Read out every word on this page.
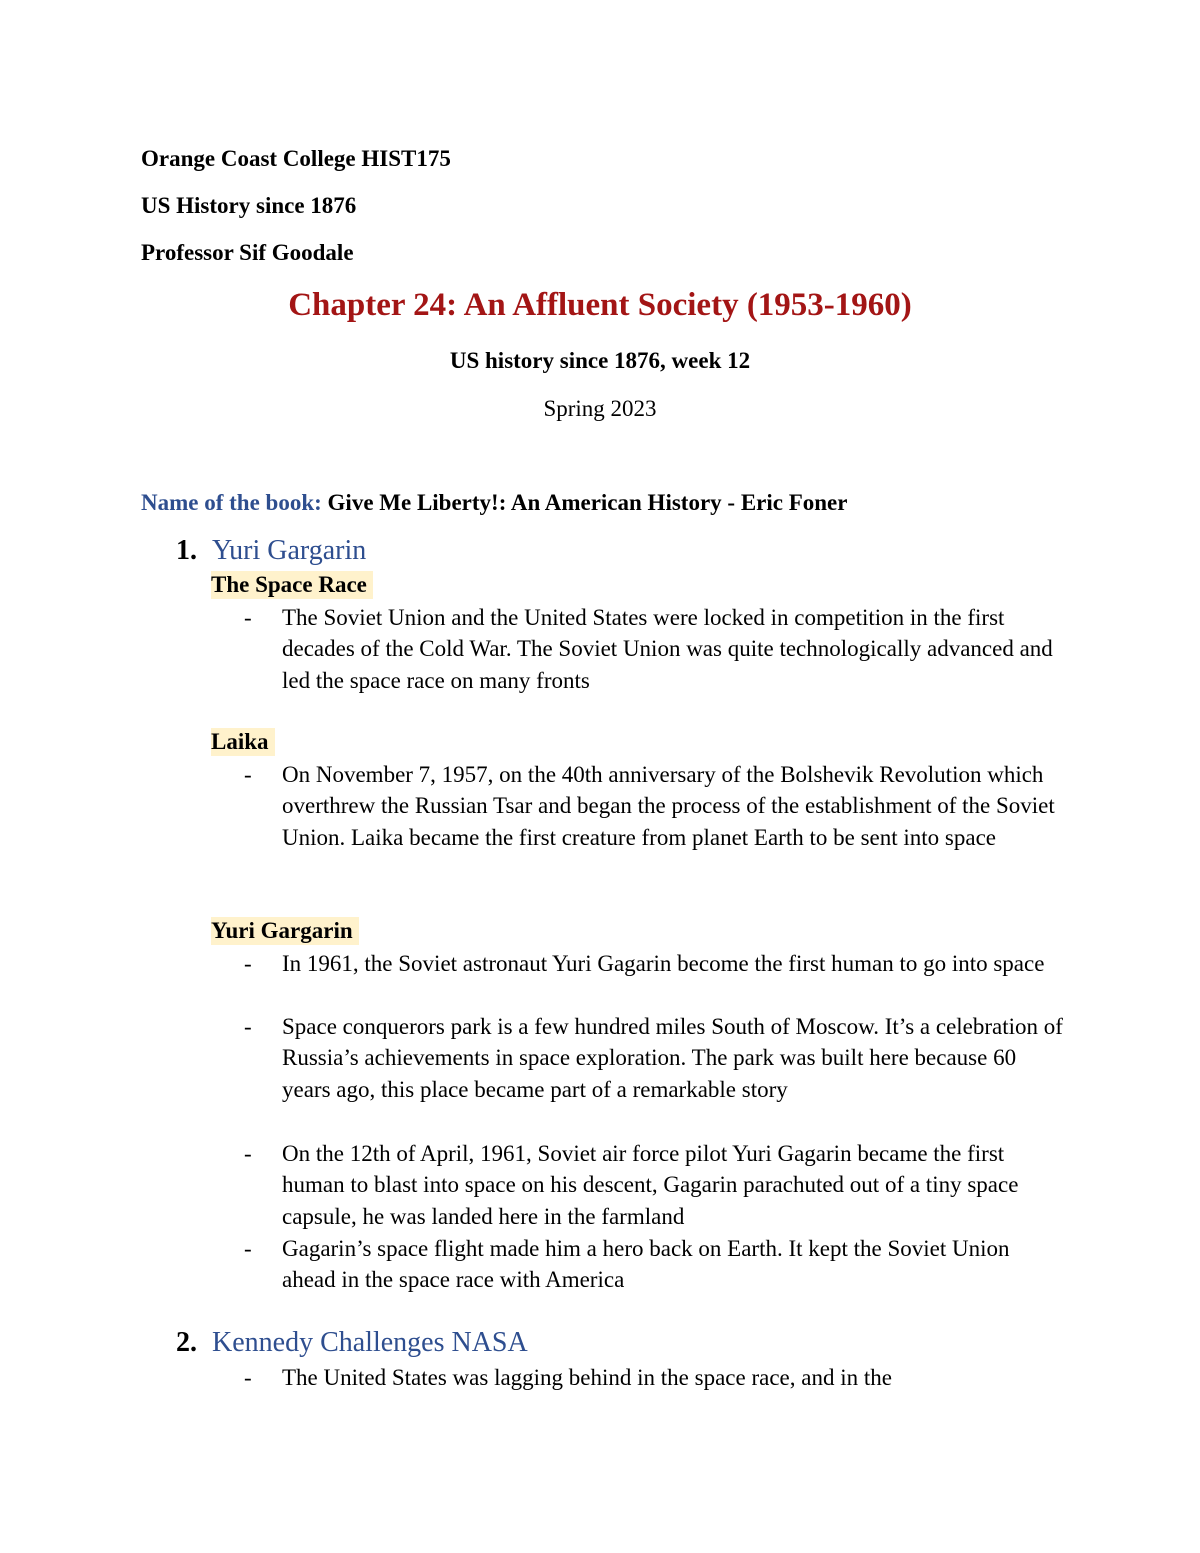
Orange Coast College HIST175
US History since 1876
Professor Sif Goodale
Chapter 24: An Affluent Society (1953-1960)
US history since 1876, week 12
Spring 2023
Name of the book: Give Me Liberty!: An American History - Eric Foner
1. Yuri Gargarin
The Space Race
- The Soviet Union and the United States were locked in competition in the first decades of the Cold War. The Soviet Union was quite technologically advanced and led the space race on many fronts
Laika
- On November 7, 1957, on the 40th anniversary of the Bolshevik Revolution which overthrew the Russian Tsar and began the process of the establishment of the Soviet Union. Laika became the first creature from planet Earth to be sent into space
Yuri Gargarin
- In 1961, the Soviet astronaut Yuri Gagarin become the first human to go into space
- Space conquerors park is a few hundred miles South of Moscow. It’s a celebration of Russia’s achievements in space exploration. The park was built here because 60 years ago, this place became part of a remarkable story
- On the 12th of April, 1961, Soviet air force pilot Yuri Gagarin became the first human to blast into space on his descent, Gagarin parachuted out of a tiny space capsule, he was landed here in the farmland
- Gagarin’s space flight made him a hero back on Earth. It kept the Soviet Union ahead in the space race with America
2. Kennedy Challenges NASA
- The United States was lagging behind in the space race, and in the
